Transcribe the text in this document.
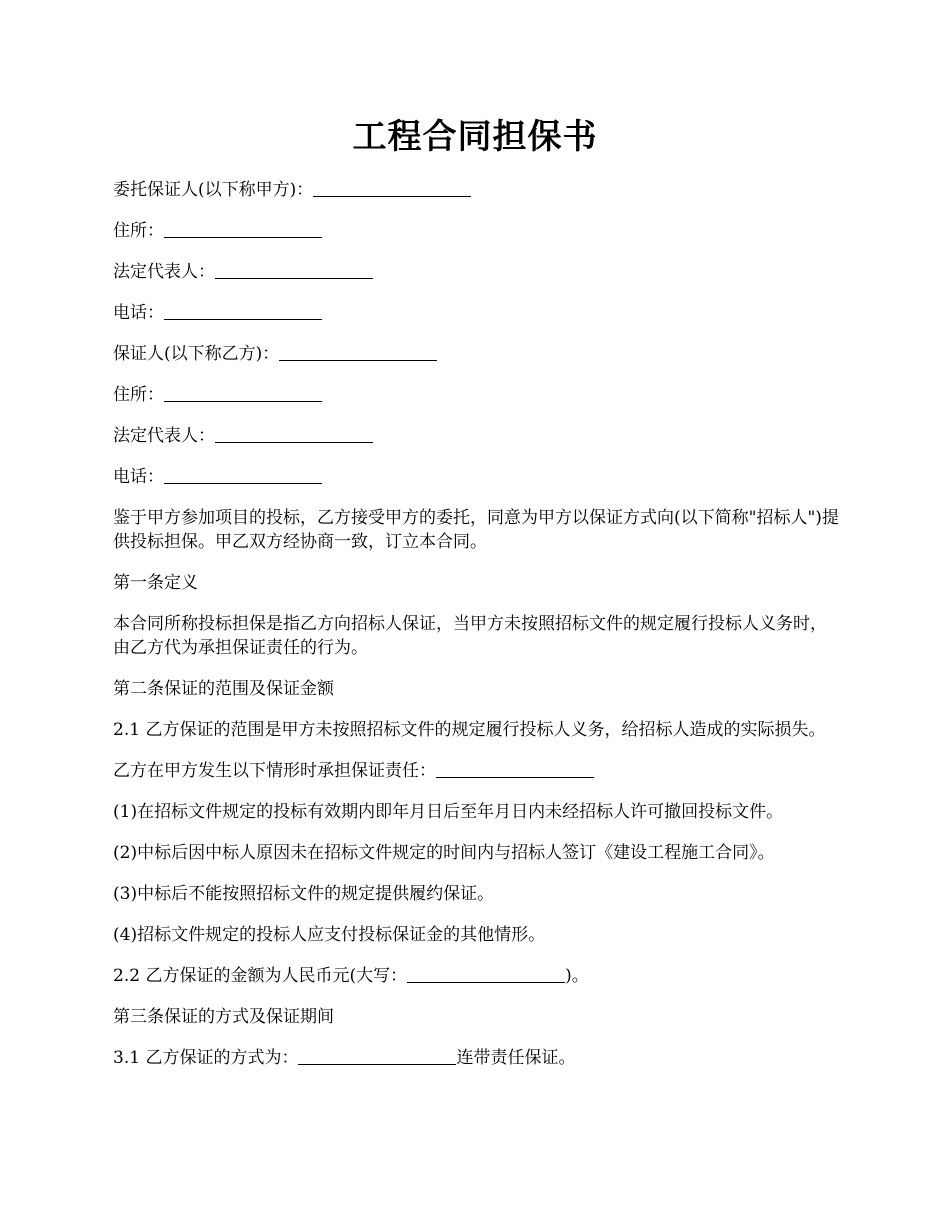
工程合同担保书

委托保证人(以下称甲方)：

住所：

法定代表人：

电话：

保证人(以下称乙方)：

住所：

法定代表人：

电话：

鉴于甲方参加项目的投标，乙方接受甲方的委托，同意为甲方以保证方式向(以下简称"招标人")提供投标担保。甲乙双方经协商一致，订立本合同。

第一条定义

本合同所称投标担保是指乙方向招标人保证，当甲方未按照招标文件的规定履行投标人义务时，由乙方代为承担保证责任的行为。

第二条保证的范围及保证金额

2.1 乙方保证的范围是甲方未按照招标文件的规定履行投标人义务，给招标人造成的实际损失。

乙方在甲方发生以下情形时承担保证责任：

(1)在招标文件规定的投标有效期内即年月日后至年月日内未经招标人许可撤回投标文件。

(2)中标后因中标人原因未在招标文件规定的时间内与招标人签订《建设工程施工合同》。

(3)中标后不能按照招标文件的规定提供履约保证。

(4)招标文件规定的投标人应支付投标保证金的其他情形。

2.2 乙方保证的金额为人民币元(大写：	)。

第三条保证的方式及保证期间

3.1 乙方保证的方式为：	连带责任保证。
